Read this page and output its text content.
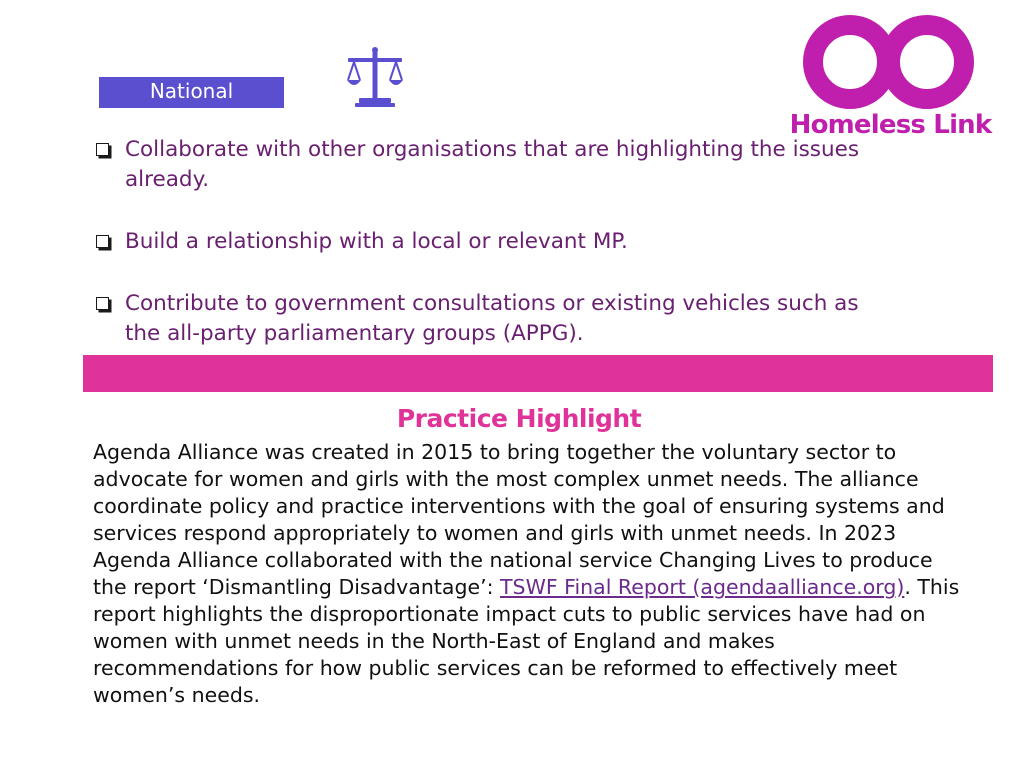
National
Homeless Link
Collaborate with other organisations that are highlighting the issues already.
Build a relationship with a local or relevant MP.
Contribute to government consultations or existing vehicles such as the all-party parliamentary groups (APPG).
Practice Highlight
Agenda Alliance was created in 2015 to bring together the voluntary sector to advocate for women and girls with the most complex unmet needs. The alliance coordinate policy and practice interventions with the goal of ensuring systems and services respond appropriately to women and girls with unmet needs. In 2023 Agenda Alliance collaborated with the national service Changing Lives to produce the report ‘Dismantling Disadvantage’: TSWF Final Report (agendaalliance.org). This report highlights the disproportionate impact cuts to public services have had on women with unmet needs in the North-East of England and makes recommendations for how public services can be reformed to effectively meet women’s needs.
